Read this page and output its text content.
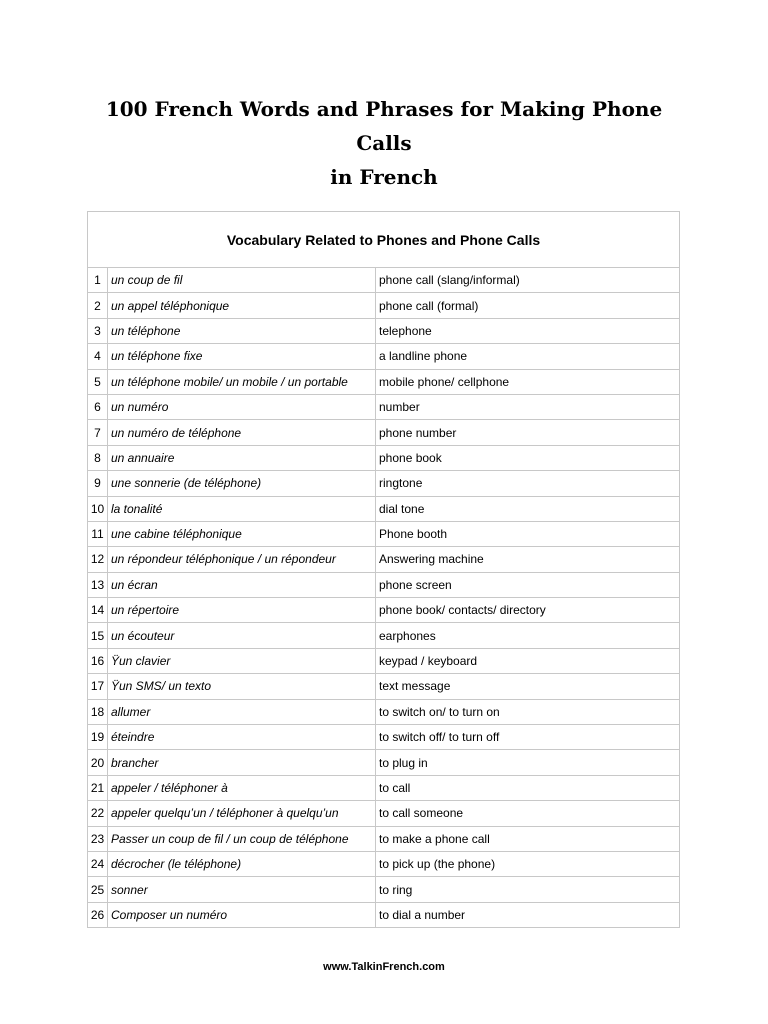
100 French Words and Phrases for Making Phone Calls
in French
Vocabulary Related to Phones and Phone Calls		
1	un coup de fil	phone call (slang/informal)
2	un appel téléphonique	phone call (formal)
3	un téléphone	telephone
4	un téléphone fixe	a landline phone
5	un téléphone mobile/ un mobile / un portable	mobile phone/ cellphone
6	un numéro	number
7	un numéro de téléphone	phone number
8	un annuaire	phone book
9	une sonnerie (de téléphone)	ringtone
10	la tonalité	dial tone
11	une cabine téléphonique	Phone booth
12	un répondeur téléphonique / un répondeur	Answering machine
13	un écran	phone screen
14	un répertoire	phone book/ contacts/ directory
15	un écouteur	earphones
16	Ÿun clavier	keypad / keyboard
17	Ÿun SMS/ un texto	text message
18	allumer	to switch on/ to turn on
19	éteindre	to switch off/ to turn off
20	brancher	to plug in
21	appeler / téléphoner à	to call
22	appeler quelqu’un / téléphoner à quelqu’un	to call someone
23	Passer un coup de fil / un coup de téléphone	to make a phone call
24	décrocher (le téléphone)	to pick up (the phone)
25	sonner	to ring
26	Composer un numéro	to dial a number
www.TalkinFrench.com
